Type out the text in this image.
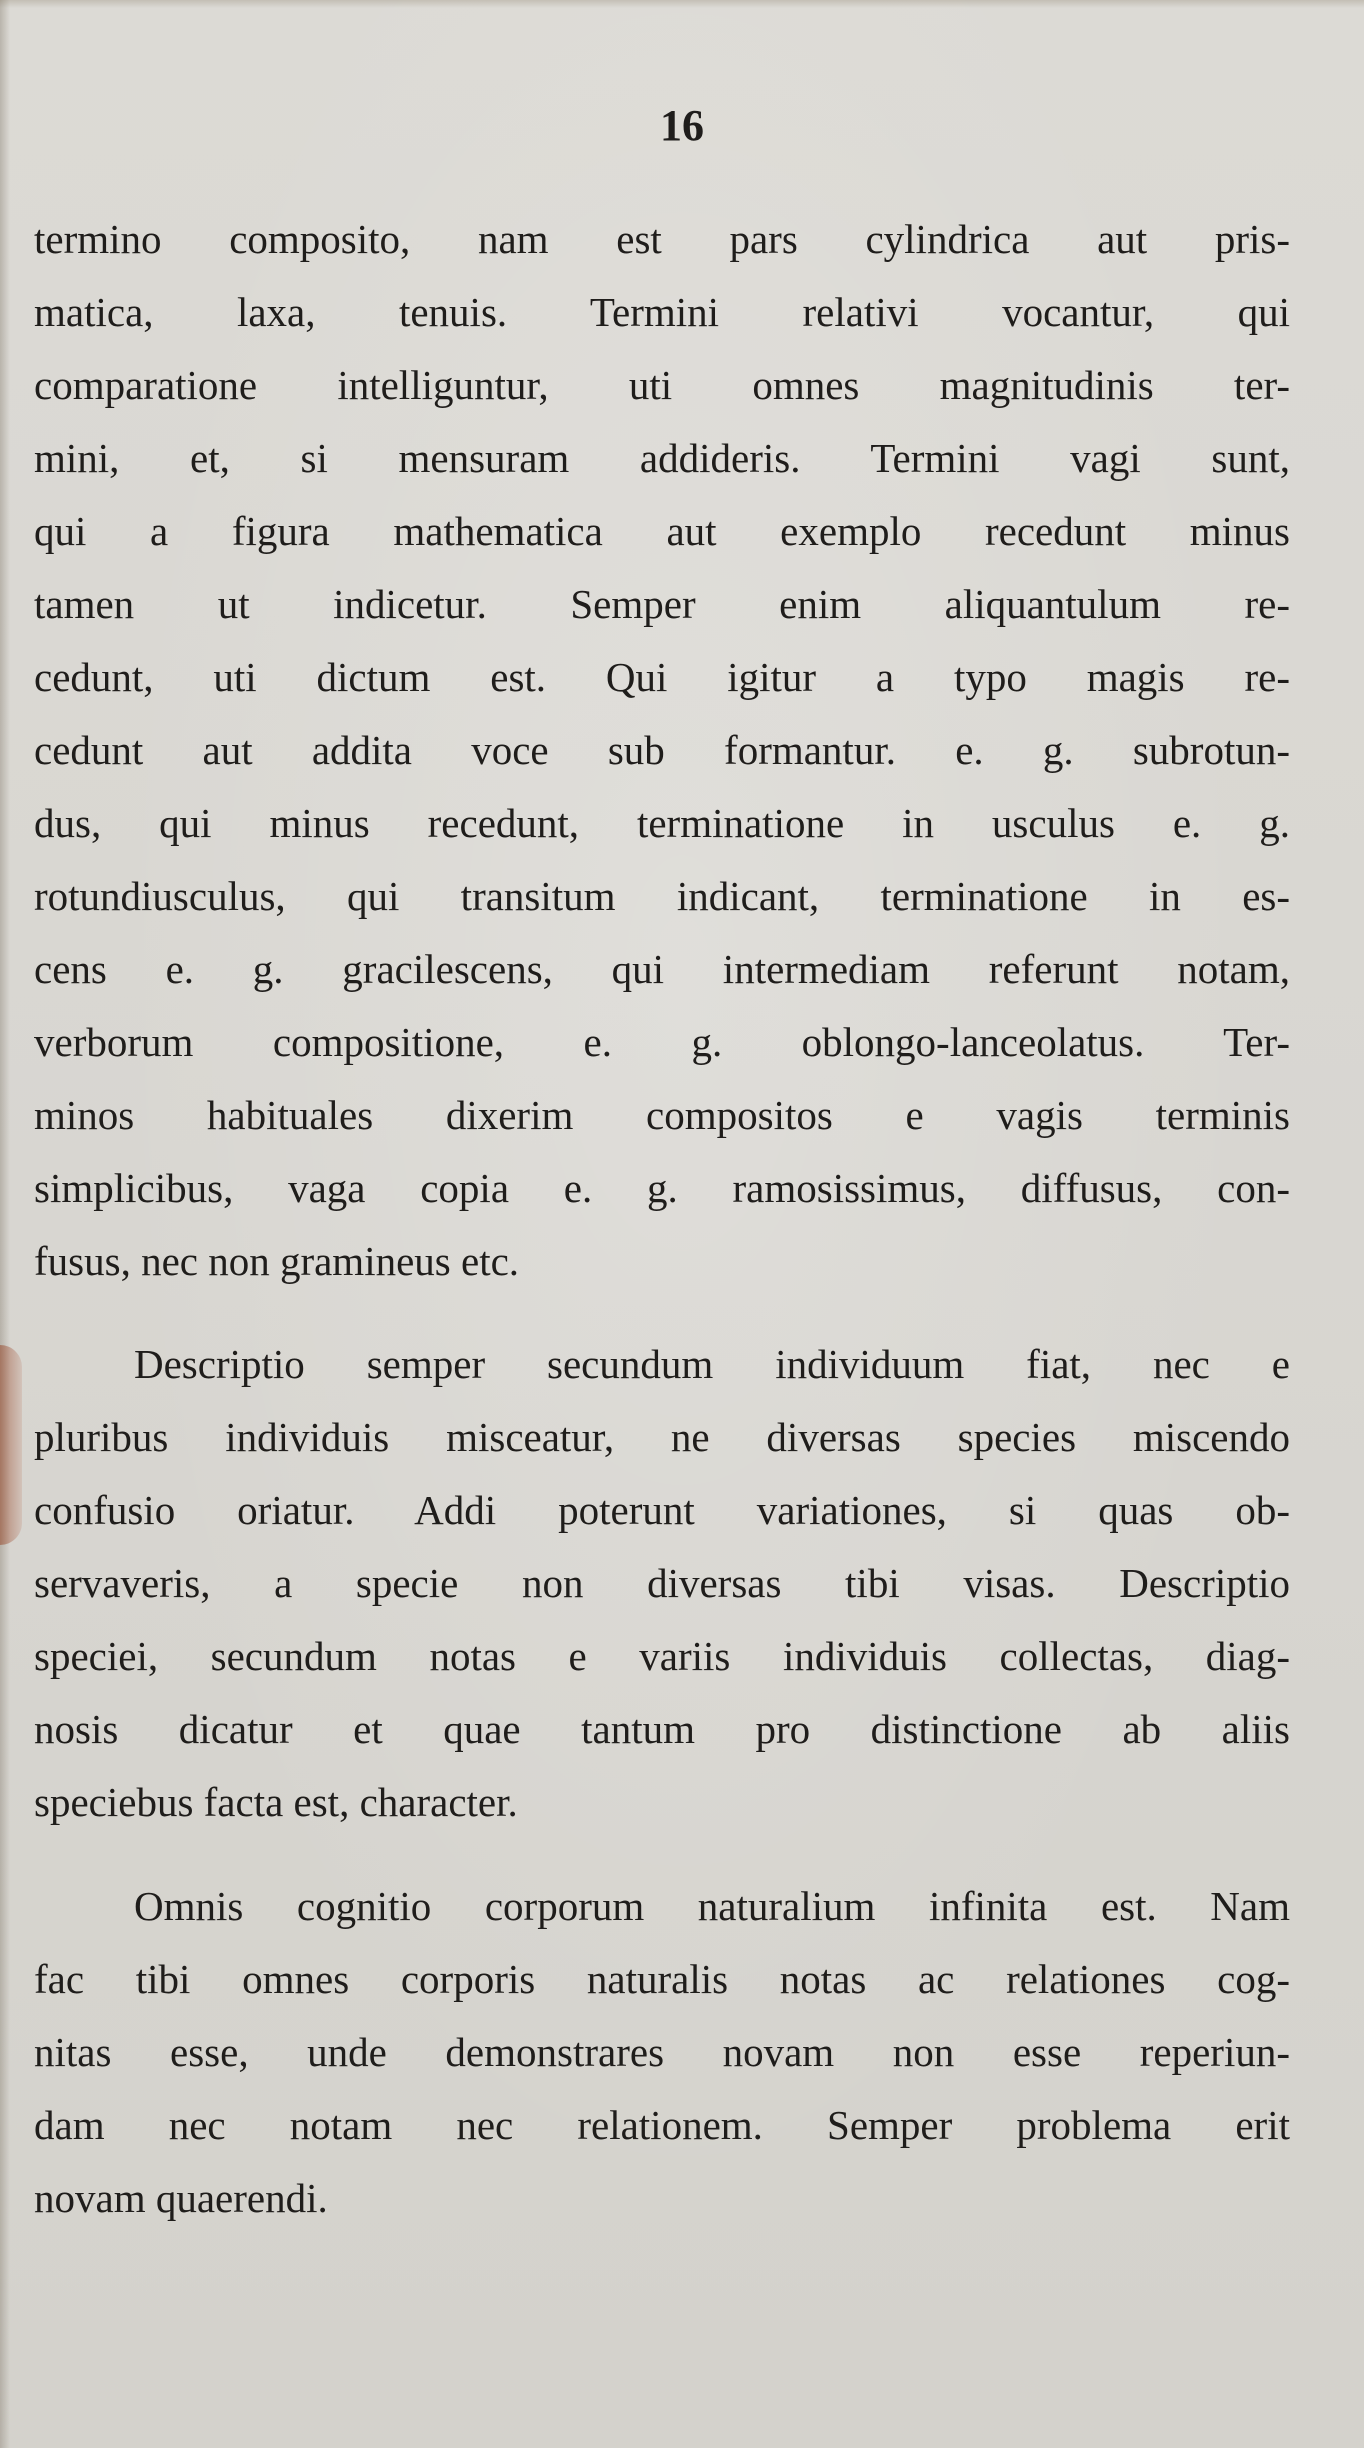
16
termino composito, nam est pars cylindrica aut pris-
matica, laxa, tenuis. Termini relativi vocantur, qui
comparatione intelliguntur, uti omnes magnitudinis ter-
mini, et, si mensuram addideris. Termini vagi sunt,
qui a figura mathematica aut exemplo recedunt minus
tamen ut indicetur. Semper enim aliquantulum re-
cedunt, uti dictum est. Qui igitur a typo magis re-
cedunt aut addita voce sub formantur. e. g. subrotun-
dus, qui minus recedunt, terminatione in usculus e. g.
rotundiusculus, qui transitum indicant, terminatione in es-
cens e. g. gracilescens, qui intermediam referunt notam,
verborum compositione, e. g. oblongo-lanceolatus. Ter-
minos habituales dixerim compositos e vagis terminis
simplicibus, vaga copia e. g. ramosissimus, diffusus, con-
fusus, nec non gramineus etc.
Descriptio semper secundum individuum fiat, nec e
pluribus individuis misceatur, ne diversas species miscendo
confusio oriatur. Addi poterunt variationes, si quas ob-
servaveris, a specie non diversas tibi visas. Descriptio
speciei, secundum notas e variis individuis collectas, diag-
nosis dicatur et quae tantum pro distinctione ab aliis
speciebus facta est, character.
Omnis cognitio corporum naturalium infinita est. Nam
fac tibi omnes corporis naturalis notas ac relationes cog-
nitas esse, unde demonstrares novam non esse reperiun-
dam nec notam nec relationem. Semper problema erit
novam quaerendi.
